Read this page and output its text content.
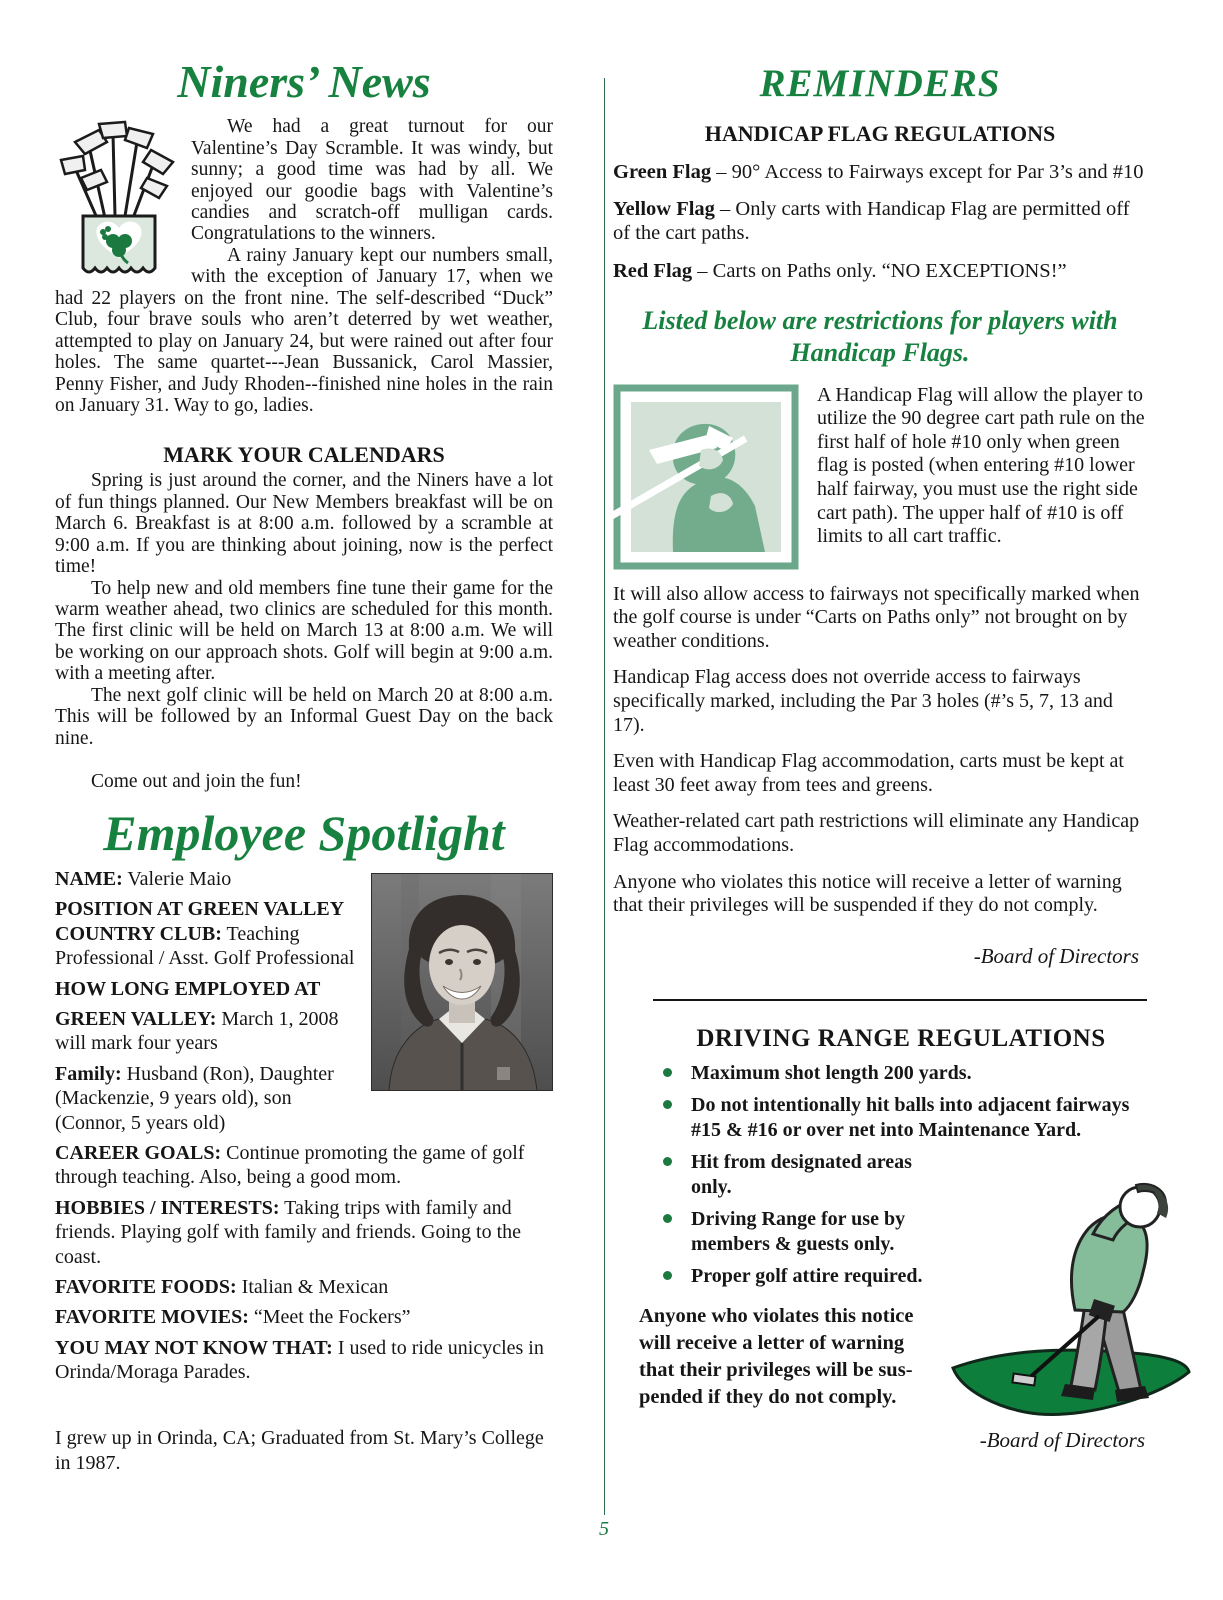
Niners’ News

We had a great turnout for our Valentine’s Day Scramble. It was windy, but sunny; a good time was had by all. We enjoyed our goodie bags with Valentine’s candies and scratch-off mulligan cards. Congratulations to the winners.

A rainy January kept our numbers small, with the exception of January 17, when we had 22 players on the front nine. The self-described “Duck” Club, four brave souls who aren’t deterred by wet weather, attempted to play on January 24, but were rained out after four holes. The same quartet---Jean Bussanick, Carol Massier, Penny Fisher, and Judy Rhoden--finished nine holes in the rain on January 31. Way to go, ladies.

MARK YOUR CALENDARS

Spring is just around the corner, and the Niners have a lot of fun things planned. Our New Members breakfast will be on March 6. Breakfast is at 8:00 a.m. followed by a scramble at 9:00 a.m. If you are thinking about joining, now is the perfect time!

To help new and old members fine tune their game for the warm weather ahead, two clinics are scheduled for this month. The first clinic will be held on March 13 at 8:00 a.m. We will be working on our approach shots. Golf will begin at 9:00 a.m. with a meeting after.

The next golf clinic will be held on March 20 at 8:00 a.m. This will be followed by an Informal Guest Day on the back nine.

Come out and join the fun!

Employee Spotlight

NAME: Valerie Maio

POSITION AT GREEN VALLEY COUNTRY CLUB: Teaching Professional / Asst. Golf Professional

HOW LONG EMPLOYED AT

GREEN VALLEY: March 1, 2008 will mark four years

Family: Husband (Ron), Daughter (Mackenzie, 9 years old), son (Connor, 5 years old)

CAREER GOALS: Continue promoting the game of golf through teaching. Also, being a good mom.

HOBBIES / INTERESTS: Taking trips with family and friends. Playing golf with family and friends. Going to the coast.

FAVORITE FOODS: Italian & Mexican

FAVORITE MOVIES: “Meet the Fockers”

YOU MAY NOT KNOW THAT: I used to ride unicycles in Orinda/Moraga Parades.

I grew up in Orinda, CA; Graduated from St. Mary’s College in 1987.

REMINDERS
HANDICAP FLAG REGULATIONS

Green Flag – 90° Access to Fairways except for Par 3’s and #10

Yellow Flag – Only carts with Handicap Flag are permitted off of the cart paths.

Red Flag – Carts on Paths only. “NO EXCEPTIONS!”

Listed below are restrictions for players with Handicap Flags.

A Handicap Flag will allow the player to utilize the 90 degree cart path rule on the first half of hole #10 only when green flag is posted (when entering #10 lower half fairway, you must use the right side cart path). The upper half of #10 is off limits to all cart traffic.

It will also allow access to fairways not specifically marked when the golf course is under “Carts on Paths only” not brought on by weather conditions.

Handicap Flag access does not override access to fairways specifically marked, including the Par 3 holes (#’s 5, 7, 13 and 17).

Even with Handicap Flag accommodation, carts must be kept at least 30 feet away from tees and greens.

Weather-related cart path restrictions will eliminate any Handicap Flag accommodations.

Anyone who violates this notice will receive a letter of warning that their privileges will be suspended if they do not comply.

-Board of Directors

DRIVING RANGE REGULATIONS
Maximum shot length 200 yards.
Do not intentionally hit balls into adjacent fairways #15 & #16 or over net into Maintenance Yard.
Hit from designated areas only.
Driving Range for use by members & guests only.
Proper golf attire required.

Anyone who violates this notice
will receive a letter of warning
that their privileges will be sus-
pended if they do not comply.

-Board of Directors

5
